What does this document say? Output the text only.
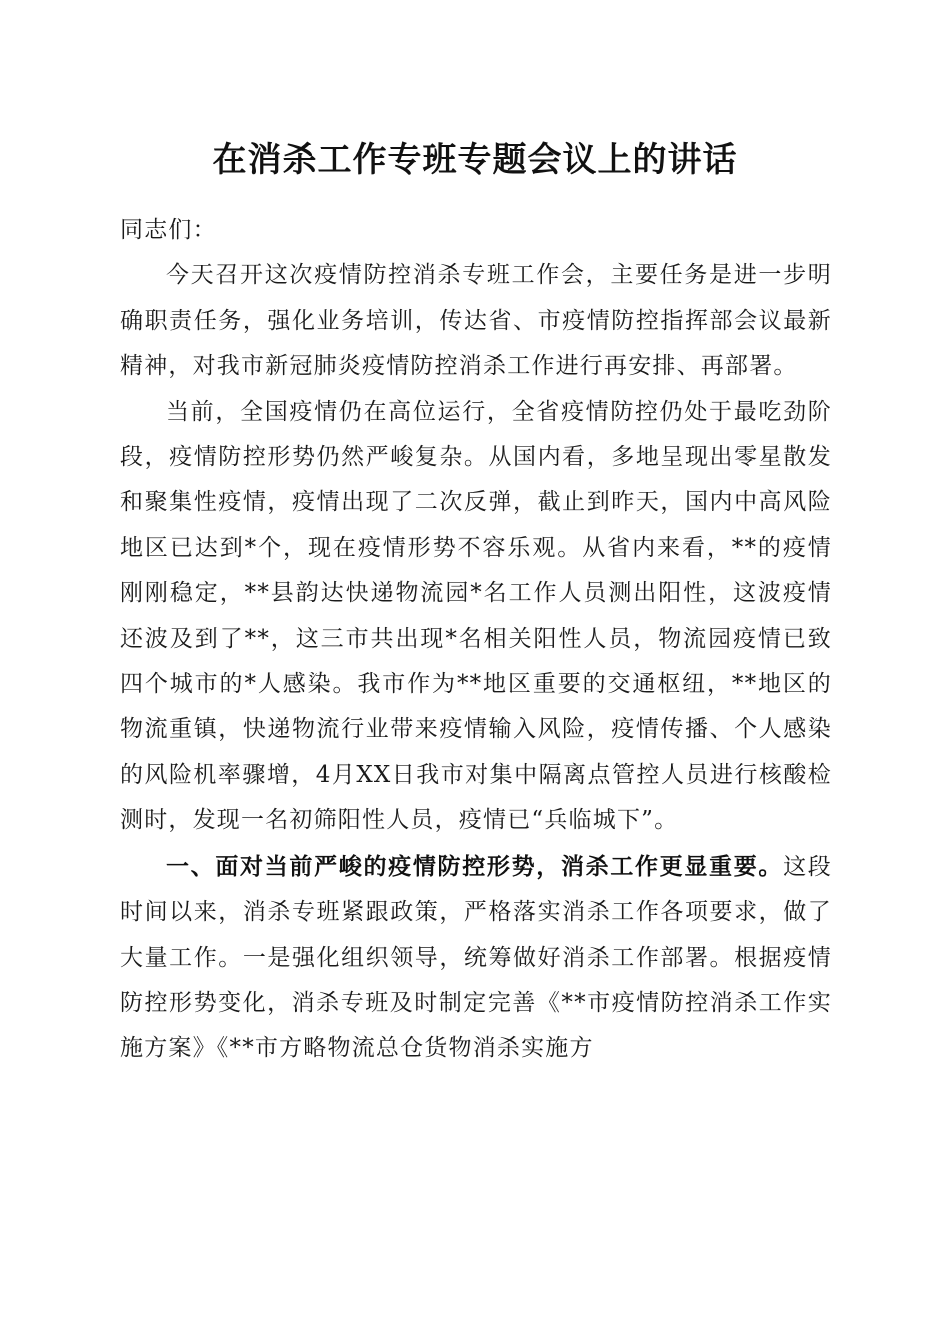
在消杀工作专班专题会议上的讲话

同志们：

今天召开这次疫情防控消杀专班工作会，主要任务是进一步明确职责任务，强化业务培训，传达省、市疫情防控指挥部会议最新精神，对我市新冠肺炎疫情防控消杀工作进行再安排、再部署。

当前，全国疫情仍在高位运行，全省疫情防控仍处于最吃劲阶段，疫情防控形势仍然严峻复杂。从国内看，多地呈现出零星散发和聚集性疫情，疫情出现了二次反弹，截止到昨天，国内中高风险地区已达到*个，现在疫情形势不容乐观。从省内来看，**的疫情刚刚稳定，**县韵达快递物流园*名工作人员测出阳性，这波疫情还波及到了**，这三市共出现*名相关阳性人员，物流园疫情已致四个城市的*人感染。我市作为**地区重要的交通枢纽，**地区的物流重镇，快递物流行业带来疫情输入风险，疫情传播、个人感染的风险机率骤增，4月XX日我市对集中隔离点管控人员进行核酸检测时，发现一名初筛阳性人员，疫情已“兵临城下”。

一、面对当前严峻的疫情防控形势，消杀工作更显重要。这段时间以来，消杀专班紧跟政策，严格落实消杀工作各项要求，做了大量工作。一是强化组织领导，统筹做好消杀工作部署。根据疫情防控形势变化，消杀专班及时制定完善《**市疫情防控消杀工作实施方案》《**市方略物流总仓货物消杀实施方
